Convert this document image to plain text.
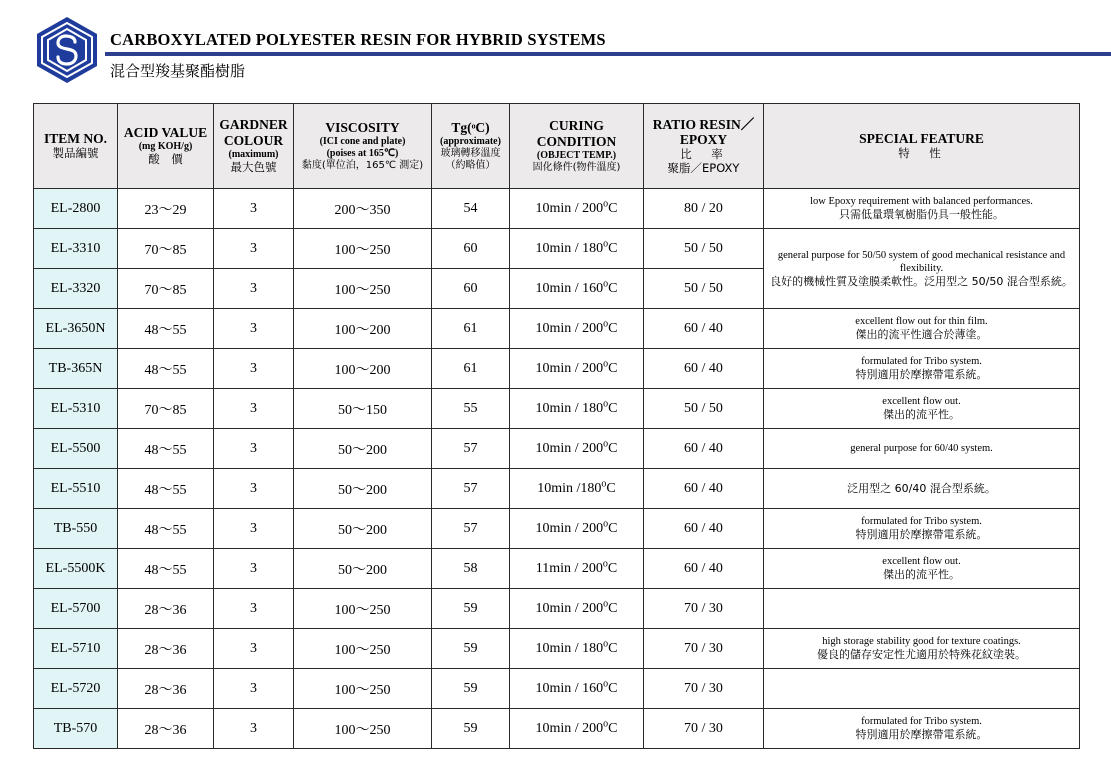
CARBOXYLATED POLYESTER RESIN FOR HYBRID SYSTEMS
混合型羧基聚酯樹脂
ITEM NO.
製品編號	ACID VALUE
(mg KOH/g)
酸　價	GARDNER COLOUR
(maximum)
最大色號	VISCOSITY
(ICI cone and plate)
(poises at 165℃)
黏度(單位泊，165℃ 測定)	Tg(ᵒC)
(approximate)
玻璃轉移溫度
（約略值）	CURING CONDITION
(OBJECT TEMP.)
固化條件(物件溫度)	RATIO RESIN／EPOXY
比　率
聚脂／EPOXY	SPECIAL FEATURE
特　性

EL-2800	23～29	3	200～350	54	10min / 200$^o$C	80 / 20	low Epoxy requirement with balanced performances.
只需低量環氧樹脂仍具一般性能。

EL-3310	70～85	3	100～250	60	10min / 180$^o$C	50 / 50	general purpose for 50/50 system of good mechanical resistance and flexibility.
良好的機械性質及塗膜柔軟性。泛用型之 50/50 混合型系統。

EL-3320	70～85	3	100～250	60	10min / 160$^o$C	50 / 50	
EL-3650N	48～55	3	100～200	61	10min / 200$^o$C	60 / 40	excellent flow out for thin film.
傑出的流平性適合於薄塗。

TB-365N	48～55	3	100～200	61	10min / 200$^o$C	60 / 40	formulated for Tribo system.
特別適用於摩擦帶電系統。

EL-5310	70～85	3	50～150	55	10min / 180$^o$C	50 / 50	excellent flow out.
傑出的流平性。

EL-5500	48～55	3	50～200	57	10min / 200$^o$C	60 / 40	general purpose for 60/40 system.

EL-5510	48～55	3	50～200	57	10min /180$^o$C	60 / 40	泛用型之 60/40 混合型系統。

TB-550	48～55	3	50～200	57	10min / 200$^o$C	60 / 40	formulated for Tribo system.
特別適用於摩擦帶電系統。

EL-5500K	48～55	3	50～200	58	11min / 200$^o$C	60 / 40	excellent flow out.
傑出的流平性。

EL-5700	28～36	3	100～250	59	10min / 200$^o$C	70 / 30	
EL-5710	28～36	3	100～250	59	10min / 180$^o$C	70 / 30	high storage stability good for texture coatings.
優良的儲存安定性尤適用於特殊花紋塗裝。

EL-5720	28～36	3	100～250	59	10min / 160$^o$C	70 / 30	
TB-570	28～36	3	100～250	59	10min / 200$^o$C	70 / 30	formulated for Tribo system.
特別適用於摩擦帶電系統。
